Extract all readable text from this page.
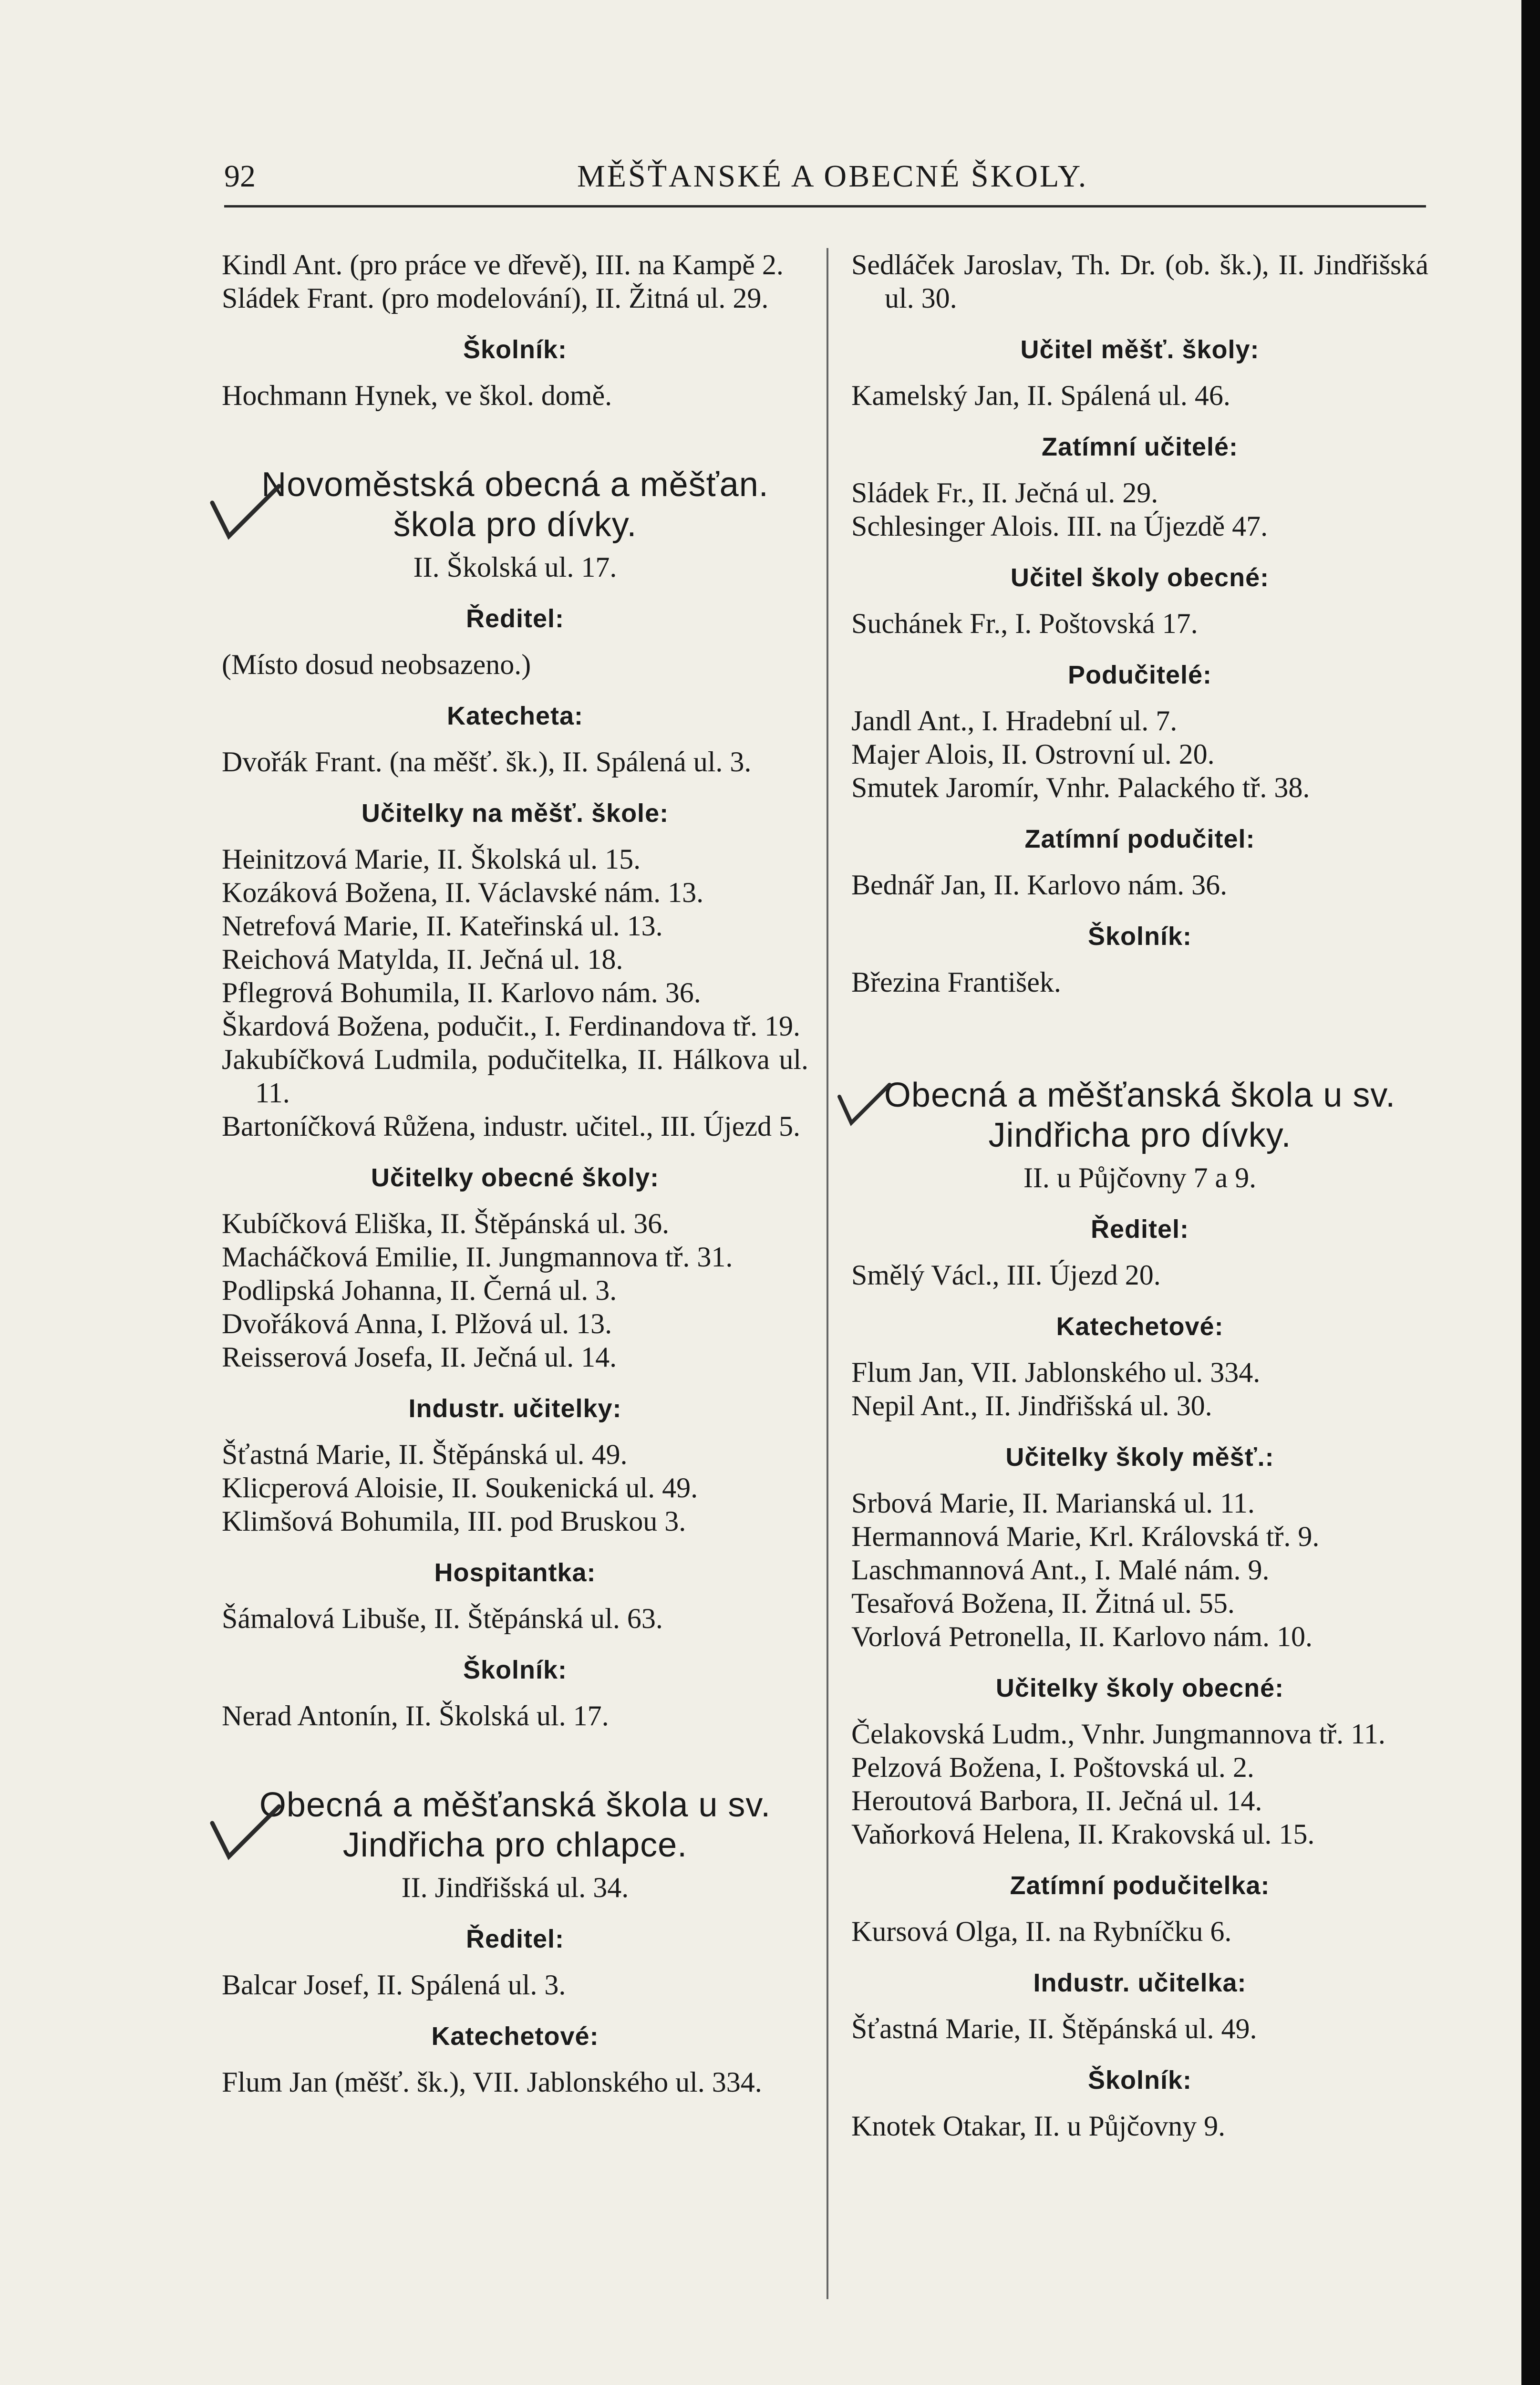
92	MĚŠŤANSKÉ A OBECNÉ ŠKOLY.

Kindl Ant. (pro práce ve dřevě), III. na Kampě 2.

Sládek Frant. (pro modelování), II. Žitná ul. 29.

Školník:

Hochmann Hynek, ve škol. domě.

Novoměstská obecná a měšťan. škola pro dívky.
II. Školská ul. 17.
Ředitel:

(Místo dosud neobsazeno.)

Katecheta:

Dvořák Frant. (na měšť. šk.), II. Spálená ul. 3.

Učitelky na měšť. škole:

Heinitzová Marie, II. Školská ul. 15.

Kozáková Božena, II. Václavské nám. 13.

Netrefová Marie, II. Kateřinská ul. 13.

Reichová Matylda, II. Ječná ul. 18.

Pflegrová Bohumila, II. Karlovo nám. 36.

Škardová Božena, podučit., I. Ferdinandova tř. 19.

Jakubíčková Ludmila, podučitelka, II. Hálkova ul. 11.

Bartoníčková Růžena, industr. učitel., III. Újezd 5.

Učitelky obecné školy:

Kubíčková Eliška, II. Štěpánská ul. 36.

Macháčková Emilie, II. Jungmannova tř. 31.

Podlipská Johanna, II. Černá ul. 3.

Dvořáková Anna, I. Plžová ul. 13.

Reisserová Josefa, II. Ječná ul. 14.

Industr. učitelky:

Šťastná Marie, II. Štěpánská ul. 49.

Klicperová Aloisie, II. Soukenická ul. 49.

Klimšová Bohumila, III. pod Bruskou 3.

Hospitantka:

Šámalová Libuše, II. Štěpánská ul. 63.

Školník:

Nerad Antonín, II. Školská ul. 17.

Obecná a měšťanská škola u sv. Jindřicha pro chlapce.
II. Jindřišská ul. 34.
Ředitel:

Balcar Josef, II. Spálená ul. 3.

Katechetové:

Flum Jan (měšť. šk.), VII. Jablonského ul. 334.

Sedláček Jaroslav, Th. Dr. (ob. šk.), II. Jindřišská ul. 30.

Učitel měšť. školy:

Kamelský Jan, II. Spálená ul. 46.

Zatímní učitelé:

Sládek Fr., II. Ječná ul. 29.

Schlesinger Alois. III. na Újezdě 47.

Učitel školy obecné:

Suchánek Fr., I. Poštovská 17.

Podučitelé:

Jandl Ant., I. Hradební ul. 7.

Majer Alois, II. Ostrovní ul. 20.

Smutek Jaromír, Vnhr. Palackého tř. 38.

Zatímní podučitel:

Bednář Jan, II. Karlovo nám. 36.

Školník:

Březina František.

Obecná a měšťanská škola u sv. Jindřicha pro dívky.
II. u Půjčovny 7 a 9.
Ředitel:

Smělý Václ., III. Újezd 20.

Katechetové:

Flum Jan, VII. Jablonského ul. 334.

Nepil Ant., II. Jindřišská ul. 30.

Učitelky školy měšť.:

Srbová Marie, II. Marianská ul. 11.

Hermannová Marie, Krl. Královská tř. 9.

Laschmannová Ant., I. Malé nám. 9.

Tesařová Božena, II. Žitná ul. 55.

Vorlová Petronella, II. Karlovo nám. 10.

Učitelky školy obecné:

Čelakovská Ludm., Vnhr. Jungmannova tř. 11.

Pelzová Božena, I. Poštovská ul. 2.

Heroutová Barbora, II. Ječná ul. 14.

Vaňorková Helena, II. Krakovská ul. 15.

Zatímní podučitelka:

Kursová Olga, II. na Rybníčku 6.

Industr. učitelka:

Šťastná Marie, II. Štěpánská ul. 49.

Školník:

Knotek Otakar, II. u Půjčovny 9.
